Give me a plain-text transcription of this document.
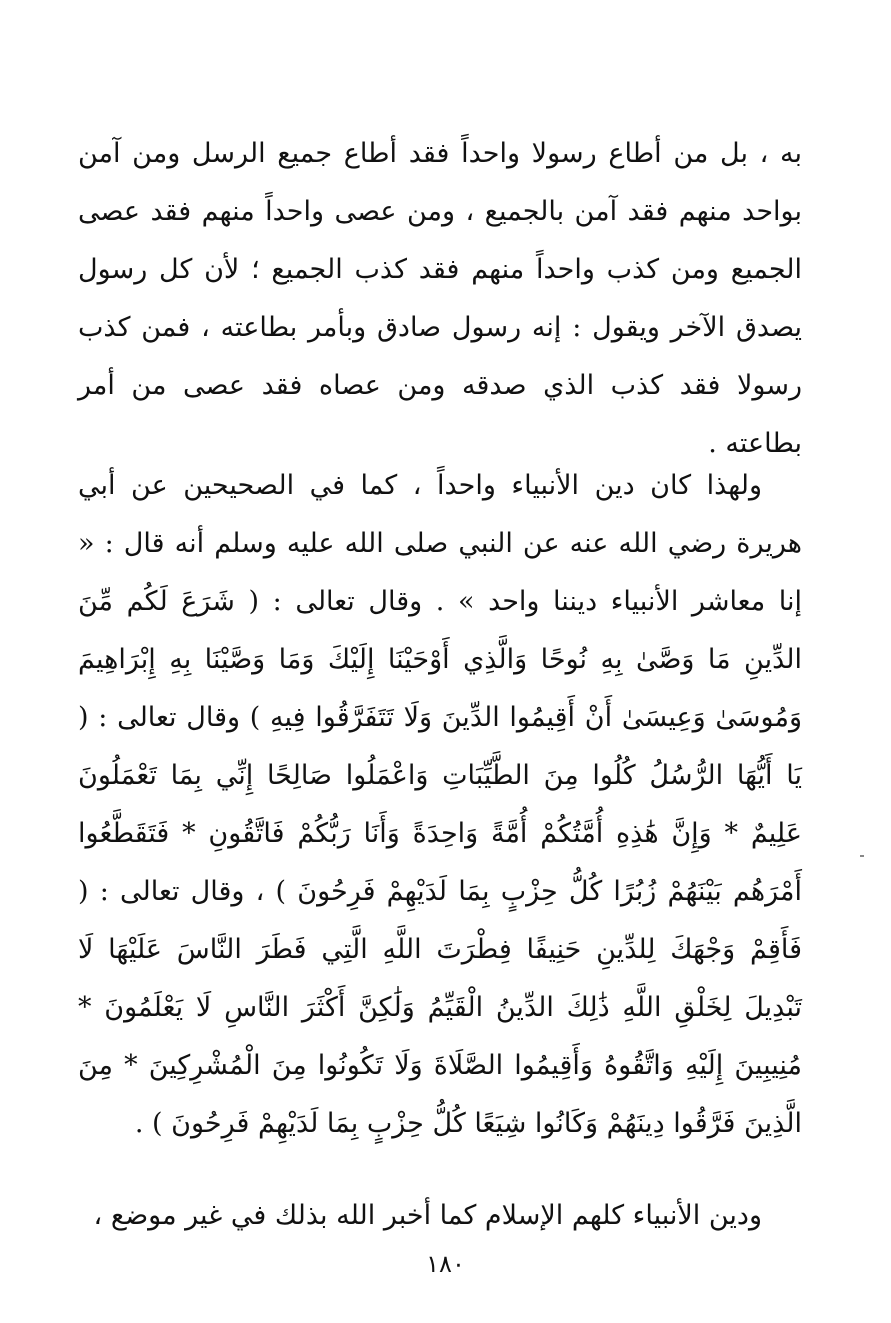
به ، بل من أطاع رسولا واحداً فقد أطاع جميع الرسل ومن آمن بواحد منهم فقد آمن بالجميع ، ومن عصى واحداً منهم فقد عصى الجميع ومن كذب واحداً منهم فقد كذب الجميع ؛ لأن كل رسول يصدق الآخر ويقول : إنه رسول صادق وبأمر بطاعته ، فمن كذب رسولا فقد كذب الذي صدقه ومن عصاه فقد عصى من أمر بطاعته .

ولهذا كان دين الأنبياء واحداً ، كما في الصحيحين عن أبي هريرة رضي الله عنه عن النبي صلى الله عليه وسلم أنه قال : « إنا معاشر الأنبياء ديننا واحد » . وقال تعالى : ( شَرَعَ لَكُم مِّنَ الدِّينِ مَا وَصَّىٰ بِهِ نُوحًا وَالَّذِي أَوْحَيْنَا إِلَيْكَ وَمَا وَصَّيْنَا بِهِ إِبْرَاهِيمَ وَمُوسَىٰ وَعِيسَىٰ أَنْ أَقِيمُوا الدِّينَ وَلَا تَتَفَرَّقُوا فِيهِ ) وقال تعالى : ( يَا أَيُّهَا الرُّسُلُ كُلُوا مِنَ الطَّيِّبَاتِ وَاعْمَلُوا صَالِحًا إِنِّي بِمَا تَعْمَلُونَ عَلِيمٌ * وَإِنَّ هَٰذِهِ أُمَّتُكُمْ أُمَّةً وَاحِدَةً وَأَنَا رَبُّكُمْ فَاتَّقُونِ * فَتَقَطَّعُوا أَمْرَهُم بَيْنَهُمْ زُبُرًا كُلُّ حِزْبٍ بِمَا لَدَيْهِمْ فَرِحُونَ ) ، وقال تعالى : ( فَأَقِمْ وَجْهَكَ لِلدِّينِ حَنِيفًا فِطْرَتَ اللَّهِ الَّتِي فَطَرَ النَّاسَ عَلَيْهَا لَا تَبْدِيلَ لِخَلْقِ اللَّهِ ذَٰلِكَ الدِّينُ الْقَيِّمُ وَلَٰكِنَّ أَكْثَرَ النَّاسِ لَا يَعْلَمُونَ * مُنِيبِينَ إِلَيْهِ وَاتَّقُوهُ وَأَقِيمُوا الصَّلَاةَ وَلَا تَكُونُوا مِنَ الْمُشْرِكِينَ * مِنَ الَّذِينَ فَرَّقُوا دِينَهُمْ وَكَانُوا شِيَعًا كُلُّ حِزْبٍ بِمَا لَدَيْهِمْ فَرِحُونَ ) .

ودين الأنبياء كلهم الإسلام كما أخبر الله بذلك في غير موضع ،

١٨٠
